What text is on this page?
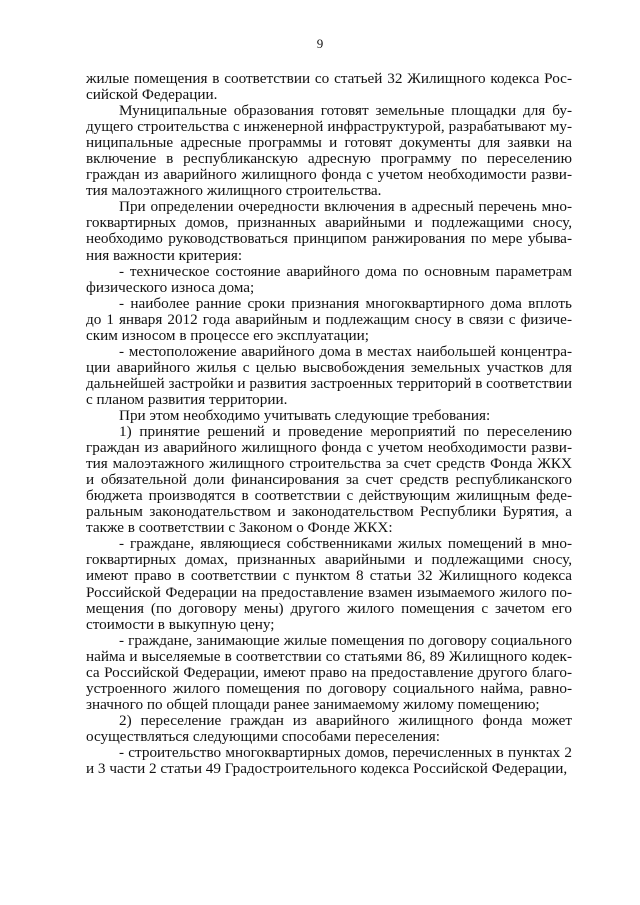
9

жилые помещения в соответствии со статьей 32 Жилищного кодекса Российской Федерации.

Муниципальные образования готовят земельные площадки для будущего строительства с инженерной инфраструктурой, разрабатывают муниципальные адресные программы и готовят документы для заявки на включение в республиканскую адресную программу по переселению граждан из аварийного жилищного фонда с учетом необходимости развития малоэтажного жилищного строительства.

При определении очередности включения в адресный перечень многоквартирных домов, признанных аварийными и подлежащими сносу, необходимо руководствоваться принципом ранжирования по мере убывания важности критерия:

- техническое состояние аварийного дома по основным параметрам физического износа дома;

- наиболее ранние сроки признания многоквартирного дома вплоть до 1 января 2012 года аварийным и подлежащим сносу в связи с физическим износом в процессе его эксплуатации;

- местоположение аварийного дома в местах наибольшей концентрации аварийного жилья с целью высвобождения земельных участков для дальнейшей застройки и развития застроенных территорий в соответствии с планом развития территории.

При этом необходимо учитывать следующие требования:

1) принятие решений и проведение мероприятий по переселению граждан из аварийного жилищного фонда с учетом необходимости развития малоэтажного жилищного строительства за счет средств Фонда ЖКХ и обязательной доли финансирования за счет средств республиканского бюджета производятся в соответствии с действующим жилищным федеральным законодательством и законодательством Республики Бурятия, а также в соответствии с Законом о Фонде ЖКХ:

- граждане, являющиеся собственниками жилых помещений в многоквартирных домах, признанных аварийными и подлежащими сносу, имеют право в соответствии с пунктом 8 статьи 32 Жилищного кодекса Российской Федерации на предоставление взамен изымаемого жилого помещения (по договору мены) другого жилого помещения с зачетом его стоимости в выкупную цену;

- граждане, занимающие жилые помещения по договору социального найма и выселяемые в соответствии со статьями 86, 89 Жилищного кодекса Российской Федерации, имеют право на предоставление другого благоустроенного жилого помещения по договору социального найма, равнозначного по общей площади ранее занимаемому жилому помещению;

2) переселение граждан из аварийного жилищного фонда может осуществляться следующими способами переселения:

- строительство многоквартирных домов, перечисленных в пунктах 2 и 3 части 2 статьи 49 Градостроительного кодекса Российской Федерации,
